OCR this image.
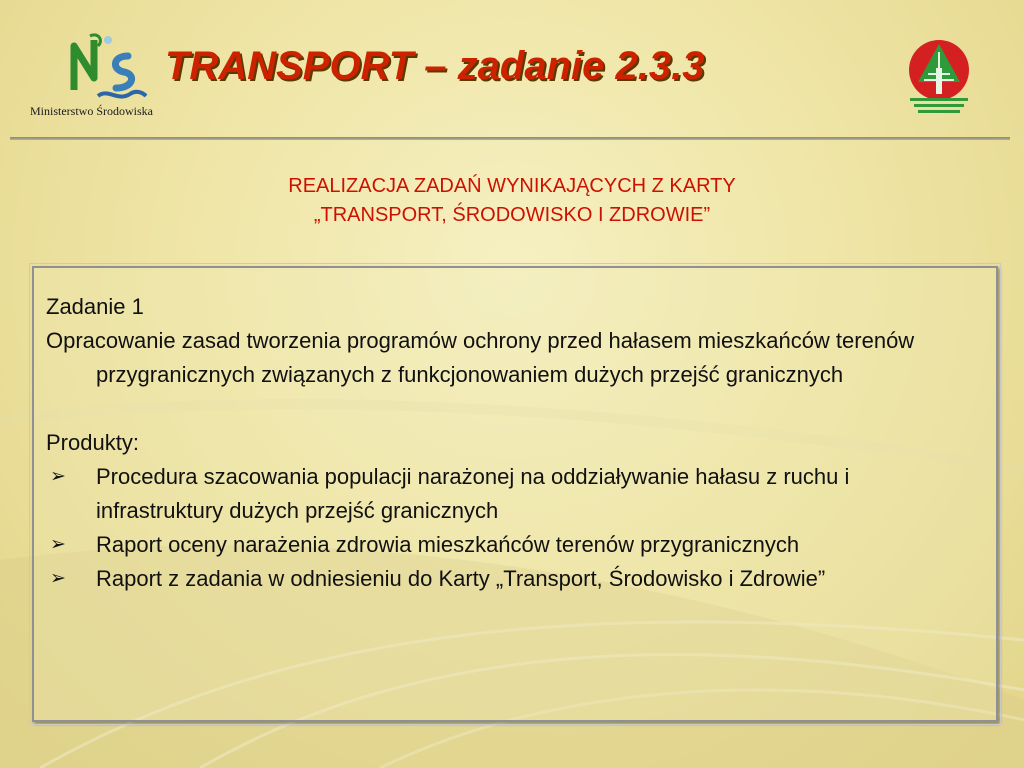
Ministerstwo Środowiska
TRANSPORT – zadanie 2.3.3
REALIZACJA ZADAŃ WYNIKAJĄCYCH Z KARTY
„TRANSPORT, ŚRODOWISKO I ZDROWIE”

Zadanie 1

Opracowanie zasad tworzenia programów ochrony przed hałasem mieszkańców terenów przygranicznych związanych z funkcjonowaniem dużych przejść granicznych

Produkty:

➢ Procedura szacowania populacji narażonej na oddziaływanie hałasu z ruchu i infrastruktury dużych przejść granicznych
➢ Raport oceny narażenia zdrowia mieszkańców terenów przygranicznych
➢ Raport z zadania w odniesieniu do Karty „Transport, Środowisko i Zdrowie”
